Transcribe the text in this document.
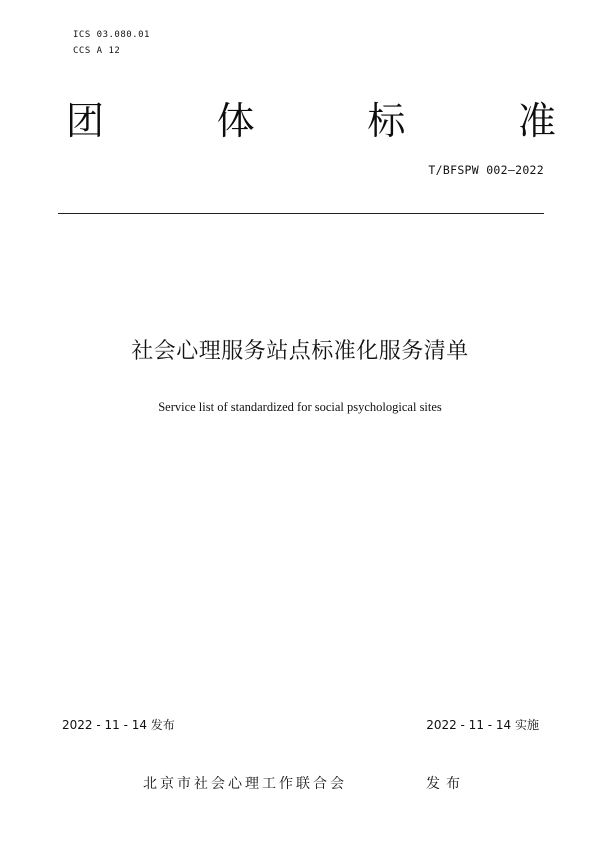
ICS 03.080.01
CCS A 12
团	体	标	准
T/BFSPW 002—2022
社会心理服务站点标准化服务清单
Service list of standardized for social psychological sites
2022 - 11 - 14 发布	2022 - 11 - 14 实施
北京市社会心理工作联合会	发布
